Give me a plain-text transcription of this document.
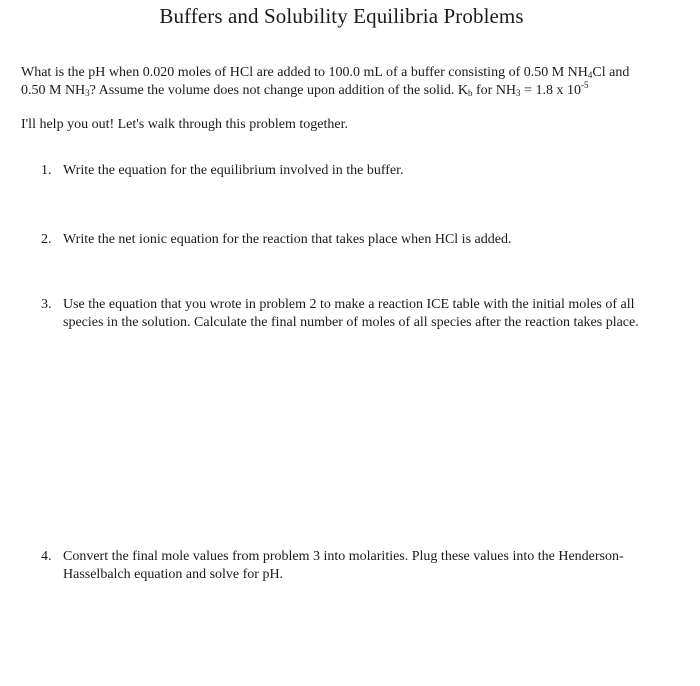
Buffers and Solubility Equilibria Problems

What is the pH when 0.020 moles of HCl are added to 100.0 mL of a buffer consisting of 0.50 M $NH_4Cl$ and

0.50 M $NH_3$? Assume the volume does not change upon addition of the solid. $K_b$ for $NH_3 = 1.8$ x $10^{-5}$

I'll help you out! Let's walk through this problem together.

1. Write the equation for the equilibrium involved in the buffer.
2. Write the net ionic equation for the reaction that takes place when HCl is added.
3. Use the equation that you wrote in problem 2 to make a reaction ICE table with the initial moles of all species in the solution. Calculate the final number of moles of all species after the reaction takes place.
4. Convert the final mole values from problem 3 into molarities. Plug these values into the Henderson-Hasselbalch equation and solve for pH.
